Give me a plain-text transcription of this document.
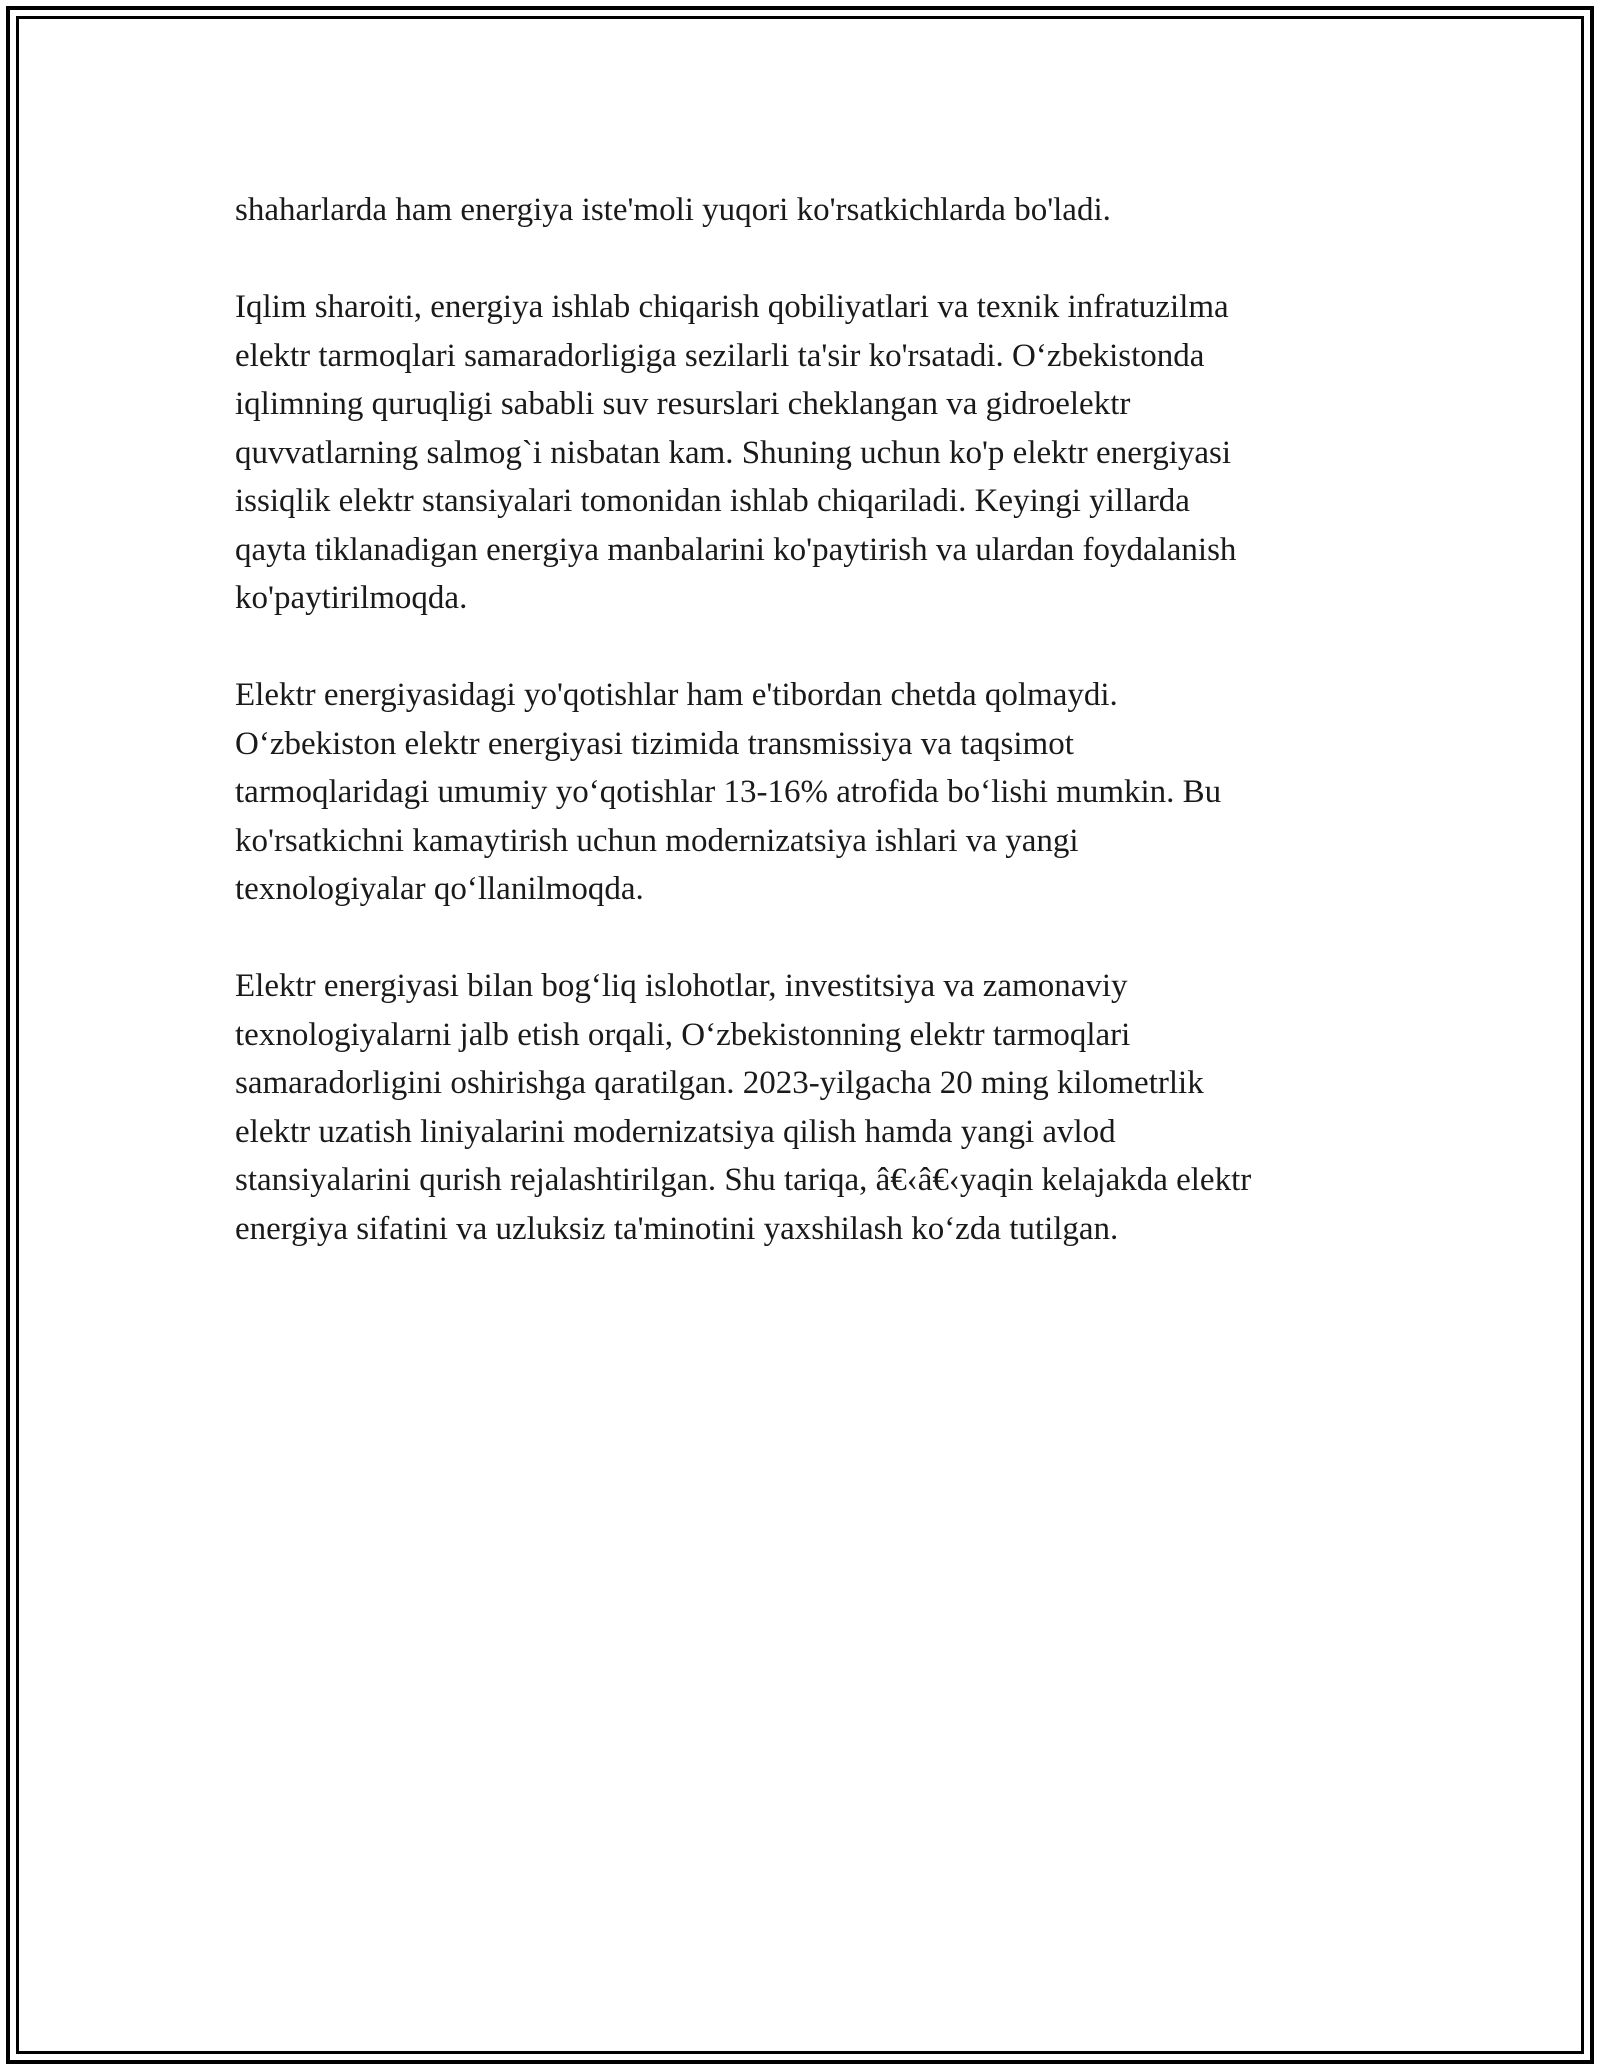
shaharlarda ham energiya iste'moli yuqori ko'rsatkichlarda bo'ladi.

Iqlim sharoiti, energiya ishlab chiqarish qobiliyatlari va texnik infratuzilma
elektr tarmoqlari samaradorligiga sezilarli ta'sir ko'rsatadi. O‘zbekistonda
iqlimning quruqligi sababli suv resurslari cheklangan va gidroelektr
quvvatlarning salmog`i nisbatan kam. Shuning uchun ko'p elektr energiyasi
issiqlik elektr stansiyalari tomonidan ishlab chiqariladi. Keyingi yillarda
qayta tiklanadigan energiya manbalarini ko'paytirish va ulardan foydalanish
ko'paytirilmoqda.

Elektr energiyasidagi yo'qotishlar ham e'tibordan chetda qolmaydi.
O‘zbekiston elektr energiyasi tizimida transmissiya va taqsimot
tarmoqlaridagi umumiy yo‘qotishlar 13-16% atrofida bo‘lishi mumkin. Bu
ko'rsatkichni kamaytirish uchun modernizatsiya ishlari va yangi
texnologiyalar qo‘llanilmoqda.

Elektr energiyasi bilan bog‘liq islohotlar, investitsiya va zamonaviy
texnologiyalarni jalb etish orqali, O‘zbekistonning elektr tarmoqlari
samaradorligini oshirishga qaratilgan. 2023-yilgacha 20 ming kilometrlik
elektr uzatish liniyalarini modernizatsiya qilish hamda yangi avlod
stansiyalarini qurish rejalashtirilgan. Shu tariqa, â€‹â€‹yaqin kelajakda elektr
energiya sifatini va uzluksiz ta'minotini yaxshilash ko‘zda tutilgan.
